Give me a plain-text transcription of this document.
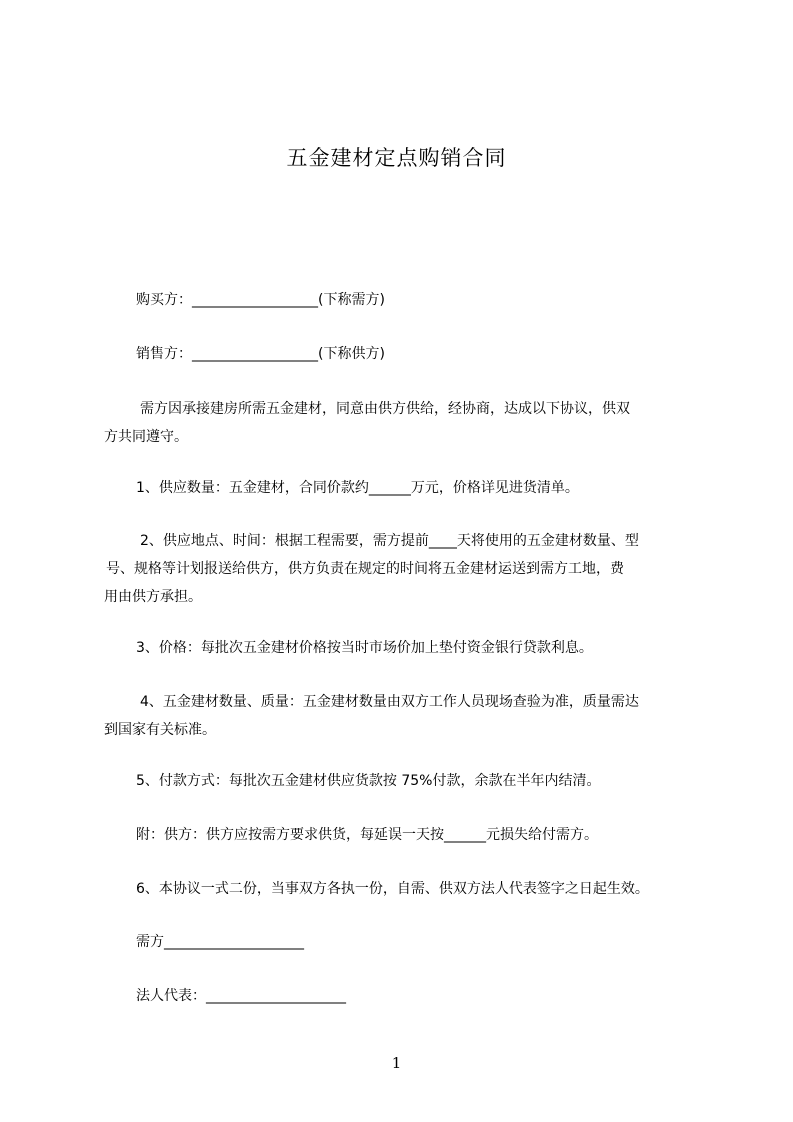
五金建材定点购销合同
购买方：__________________(下称需方)
销售方：__________________(下称供方)
需方因承接建房所需五金建材，同意由供方供给，经协商，达成以下协议，供双
方共同遵守。
1、供应数量：五金建材，合同价款约______万元，价格详见进货清单。
2、供应地点、时间：根据工程需要，需方提前____天将使用的五金建材数量、型
号、规格等计划报送给供方，供方负责在规定的时间将五金建材运送到需方工地，费
用由供方承担。
3、价格：每批次五金建材价格按当时市场价加上垫付资金银行贷款利息。
4、五金建材数量、质量：五金建材数量由双方工作人员现场查验为准，质量需达
到国家有关标准。
5、付款方式：每批次五金建材供应货款按 75%付款，余款在半年内结清。
附：供方：供方应按需方要求供货，每延误一天按______元损失给付需方。
6、本协议一式二份，当事双方各执一份，自需、供双方法人代表签字之日起生效。
需方____________________
法人代表：____________________
1
